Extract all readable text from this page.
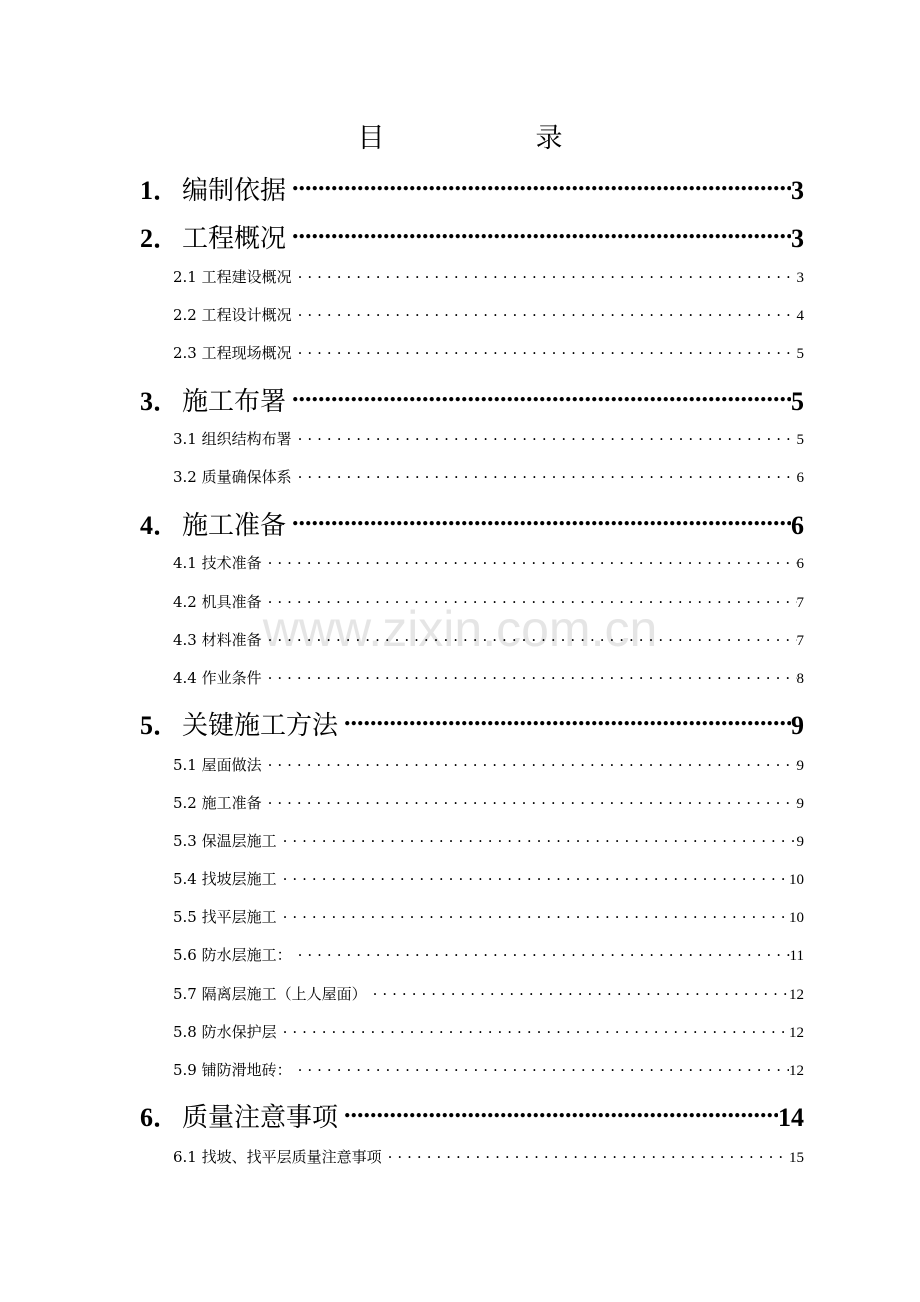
目　录
www.zixin.com.cn
1． 编制依据 .....	3
2． 工程概况 .....	3
2.1 工程建设概况 .....	3
2.2 工程设计概况 .....	4
2.3 工程现场概况 .....	5
3． 施工布署 .....	5
3.1 组织结构布署 .....	5
3.2 质量确保体系 .....	6
4． 施工准备 .....	6
4.1 技术准备 .....	6
4.2 机具准备 .....	7
4.3 材料准备 .....	7
4.4 作业条件 .....	8
5． 关键施工方法 .....	9
5.1 屋面做法 .....	9
5.2 施工准备 .....	9
5.3 保温层施工 .....	9
5.4 找坡层施工 .....	10
5.5 找平层施工 .....	10
5.6 防水层施工： .....	11
5.7 隔离层施工（上人屋面） .....	12
5.8 防水保护层 .....	12
5.9 铺防滑地砖： .....	12
6． 质量注意事项 .....	14
6.1 找坡、找平层质量注意事项 .....	15
